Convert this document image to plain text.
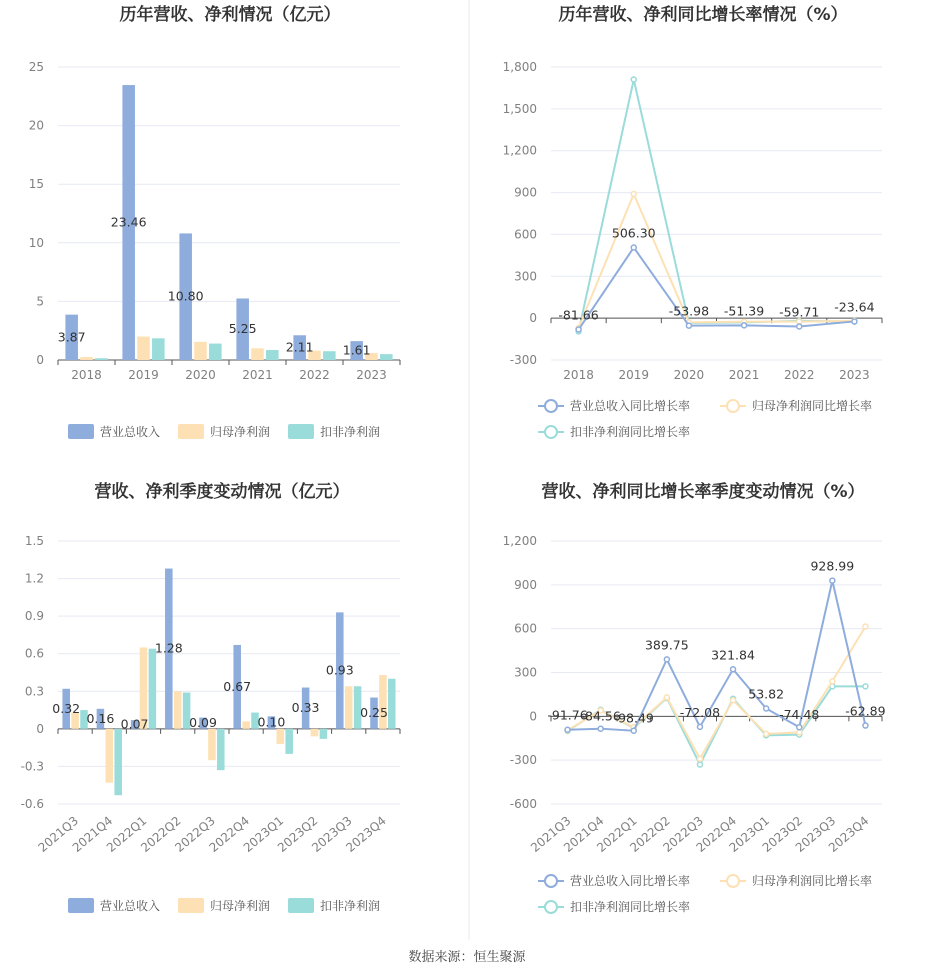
历年营收、净利情况（亿元）
0
5
10
15
20
25
2018 2019 2020 2021 2022 2023
3.87
23.46
10.80
5.25
2.11 1.61
营业总收入	归母净利润	扣非净利润
历年营收、净利同比增长率情况（%）
-300
0
300
600
900
1,200
1,500
1,800
2018 2019 2020 2021 2022 2023
-81.66
506.30
-53.98 -51.39 -59.71 -23.64
营业总收入同比增长率	归母净利润同比增长率
扣非净利润同比增长率
营收、净利季度变动情况（亿元）
-0.6
-0.3
0
0.3
0.6
0.9
1.2
1.5
2021Q3
2021Q4
2022Q1
2022Q2
2022Q3
2022Q4
2023Q1
2023Q2
2023Q3
2023Q4
0.32
0.16 0.07
1.28
0.09
0.67
0.10
0.33
0.93
0.25
营业总收入	归母净利润	扣非净利润
营收、净利同比增长率季度变动情况（%）
-600
-300
0
300
600
900
1,200
2021Q3
2021Q4
2022Q1
2022Q2
2022Q3
2022Q4
2023Q1
2023Q2
2023Q3
2023Q4
-91.76
-84.56
-98.49
389.75
-72.08
321.84
53.82
-74.48
928.99
-62.89
营业总收入同比增长率	归母净利润同比增长率
扣非净利润同比增长率
数据来源：恒生聚源
